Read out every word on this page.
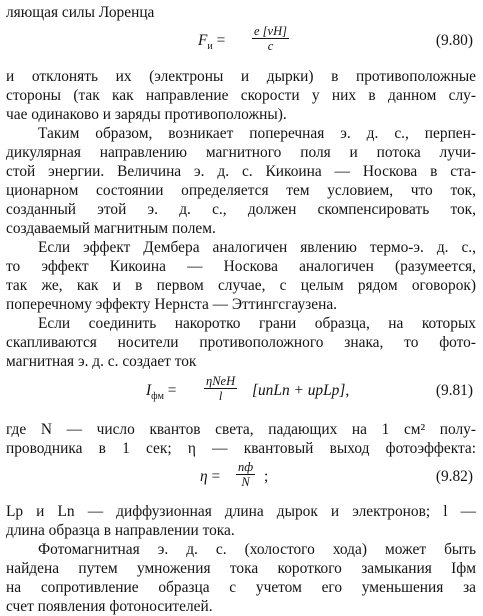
ляющая силы Лоренца
$F_и$ =
e [vH]
c	(9.80)
и отклонять их (электроны и дырки) в противоположные
стороны (так как направление скорости у них в данном слу-
чае одинаково и заряды противоположны).
Таким образом, возникает поперечная э. д. с., перпен-
дикулярная направлению магнитного поля и потока лучи-
стой энергии. Величина э. д. с. Кикоина — Носкова в ста-
ционарном состоянии определяется тем условием, что ток,
созданный этой э. д. с., должен скомпенсировать ток,
создаваемый магнитным полем.
Если эффект Дембера аналогичен явлению термо-э. д. с.,
то эффект Кикоина — Носкова аналогичен (разумеется,
так же, как и в первом случае, с целым рядом оговорок)
поперечному эффекту Нернста — Эттингсгаузена.
Если соединить накоротко грани образца, на которых
скапливаются носители противоположного знака, то фото-
магнитная э. д. с. создает ток
$I_{фм}$ =
ηNeH
l	[unLn + upLp],	(9.81)
где N — число квантов света, падающих на 1 см² полу-
проводника в 1 сек; η — квантовый выход фотоэффекта:
η =
nф
N ;	(9.82)
Lp и Ln — диффузионная длина дырок и электронов; l —
длина образца в направлении тока.
Фотомагнитная э. д. с. (холостого хода) может быть
найдена путем умножения тока короткого замыкания Iфм
на сопротивление образца с учетом его уменьшения за
счет появления фотоносителей.
